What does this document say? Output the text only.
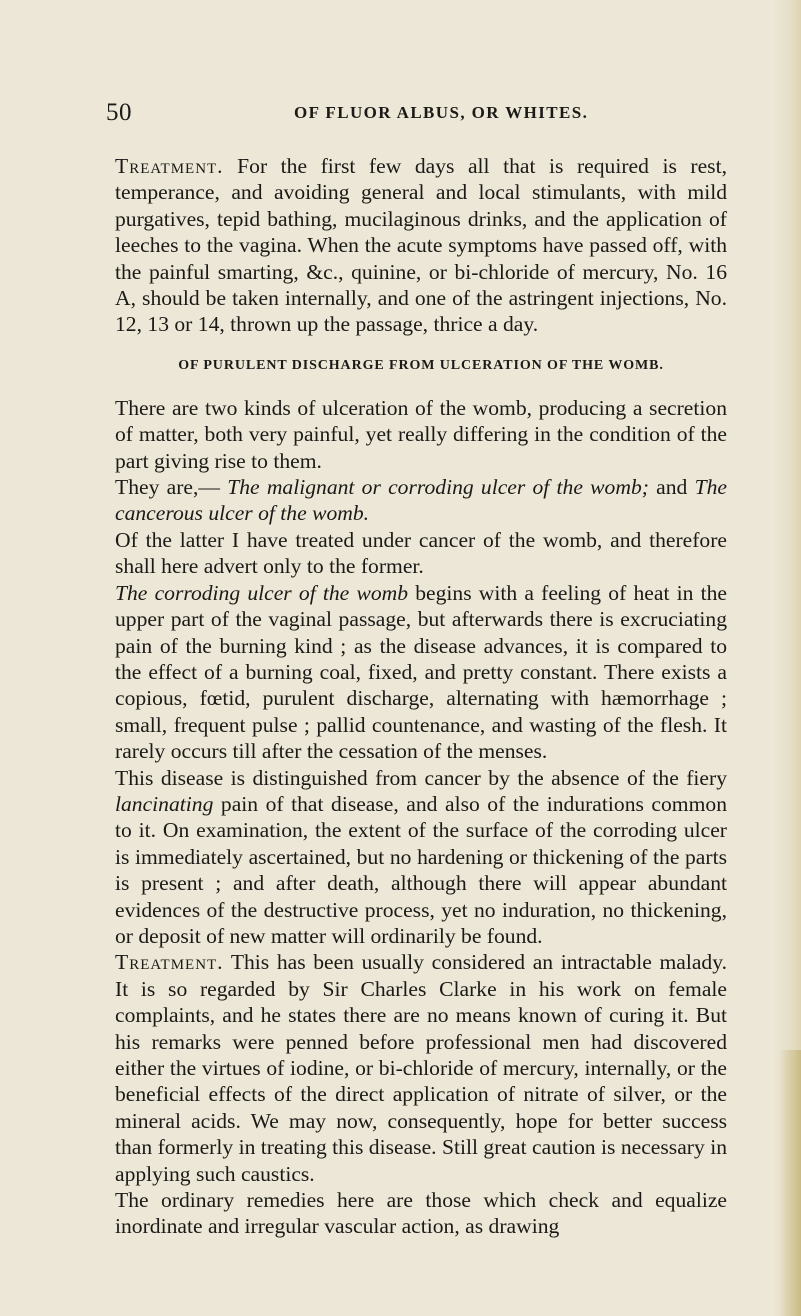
50	OF FLUOR ALBUS, OR WHITES.

Treatment. For the first few days all that is required is rest, temperance, and avoiding general and local stimulants, with mild purgatives, tepid bathing, mucilaginous drinks, and the application of leeches to the vagina. When the acute symptoms have passed off, with the painful smarting, &c., quinine, or bi-chloride of mercury, No. 16 A, should be taken internally, and one of the astringent injections, No. 12, 13 or 14, thrown up the passage, thrice a day.

OF PURULENT DISCHARGE FROM ULCERATION OF THE WOMB.

There are two kinds of ulceration of the womb, producing a secretion of matter, both very painful, yet really differing in the condition of the part giving rise to them.

They are,— The malignant or corroding ulcer of the womb; and The cancerous ulcer of the womb.

Of the latter I have treated under cancer of the womb, and therefore shall here advert only to the former.

The corroding ulcer of the womb begins with a feeling of heat in the upper part of the vaginal passage, but afterwards there is excruciating pain of the burning kind ; as the disease advances, it is compared to the effect of a burning coal, fixed, and pretty constant. There exists a copious, fœtid, purulent discharge, alternating with hæmorrhage ; small, frequent pulse ; pallid countenance, and wasting of the flesh. It rarely occurs till after the cessation of the menses.

This disease is distinguished from cancer by the absence of the fiery lancinating pain of that disease, and also of the indurations common to it. On examination, the extent of the surface of the corroding ulcer is immediately ascertained, but no hardening or thickening of the parts is present ; and after death, although there will appear abundant evidences of the destructive process, yet no induration, no thickening, or deposit of new matter will ordinarily be found.

Treatment. This has been usually considered an intractable malady. It is so regarded by Sir Charles Clarke in his work on female complaints, and he states there are no means known of curing it. But his remarks were penned before professional men had discovered either the virtues of iodine, or bi-chloride of mercury, internally, or the beneficial effects of the direct application of nitrate of silver, or the mineral acids. We may now, consequently, hope for better success than formerly in treating this disease. Still great caution is necessary in applying such caustics.

The ordinary remedies here are those which check and equalize inordinate and irregular vascular action, as drawing
